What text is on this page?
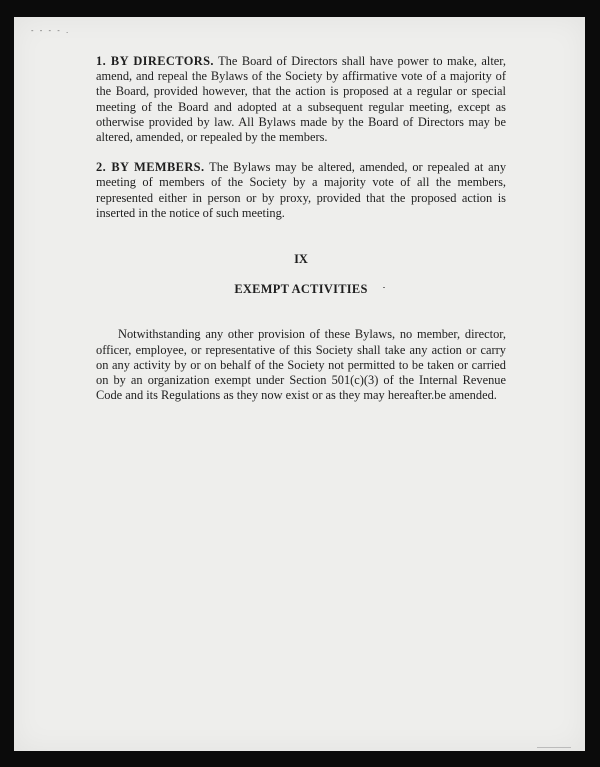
- - - - .

1. BY DIRECTORS. The Board of Directors shall have power to make, alter, amend, and repeal the Bylaws of the Society by affirmative vote of a majority of the Board, provided however, that the action is proposed at a regular or special meeting of the Board and adopted at a subsequent regular meeting, except as otherwise provided by law. All Bylaws made by the Board of Directors may be altered, amended, or repealed by the members.

2. BY MEMBERS. The Bylaws may be altered, amended, or repealed at any meeting of members of the Society by a majority vote of all the members, represented either in person or by proxy, provided that the proposed action is inserted in the notice of such meeting.

IX

EXEMPT ACTIVITIES

Notwithstanding any other provision of these Bylaws, no member, director, officer, employee, or representative of this Society shall take any action or carry on any activity by or on behalf of the Society not permitted to be taken or carried on by an organization exempt under Section 501(c)(3) of the Internal Revenue Code and its Regulations as they now exist or as they may hereafter.be amended.
